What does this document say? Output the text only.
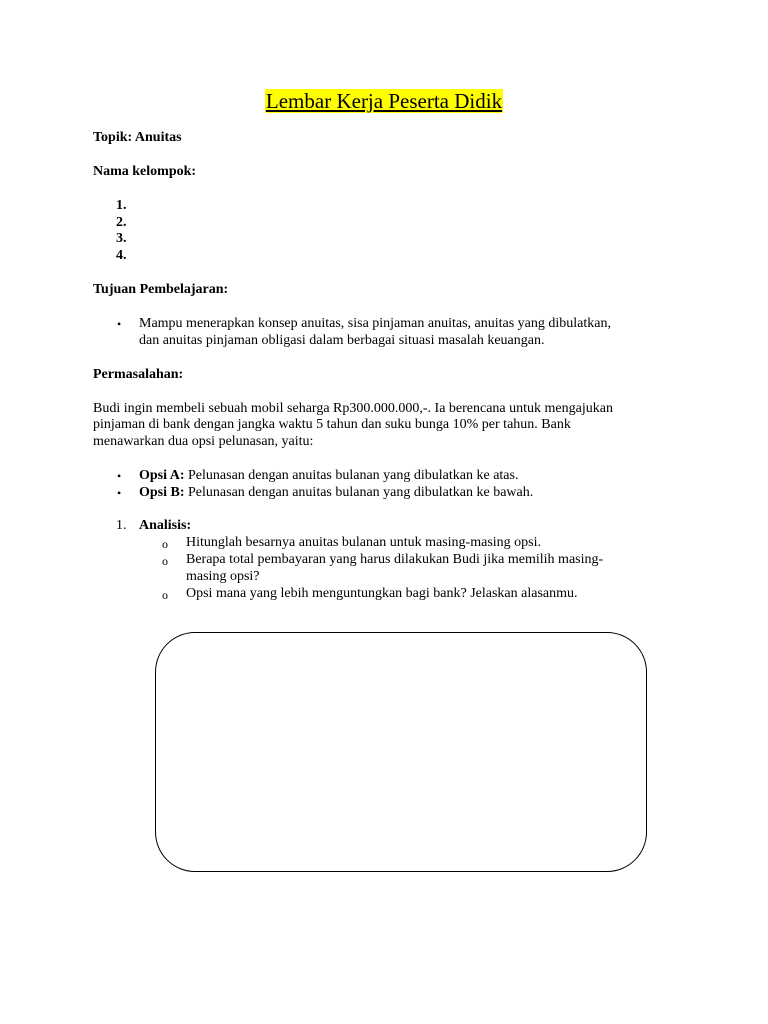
Lembar Kerja Peserta Didik
Topik: Anuitas
Nama kelompok:
1.
2.
3.
4.
Tujuan Pembelajaran:
• Mampu menerapkan konsep anuitas, sisa pinjaman anuitas, anuitas yang dibulatkan,
dan anuitas pinjaman obligasi dalam berbagai situasi masalah keuangan.
Permasalahan:
Budi ingin membeli sebuah mobil seharga Rp300.000.000,-. Ia berencana untuk mengajukan
pinjaman di bank dengan jangka waktu 5 tahun dan suku bunga 10% per tahun. Bank
menawarkan dua opsi pelunasan, yaitu:
• Opsi A: Pelunasan dengan anuitas bulanan yang dibulatkan ke atas.
• Opsi B: Pelunasan dengan anuitas bulanan yang dibulatkan ke bawah.
1. Analisis:
o Hitunglah besarnya anuitas bulanan untuk masing-masing opsi.
o Berapa total pembayaran yang harus dilakukan Budi jika memilih masing-
masing opsi?
o Opsi mana yang lebih menguntungkan bagi bank? Jelaskan alasanmu.
